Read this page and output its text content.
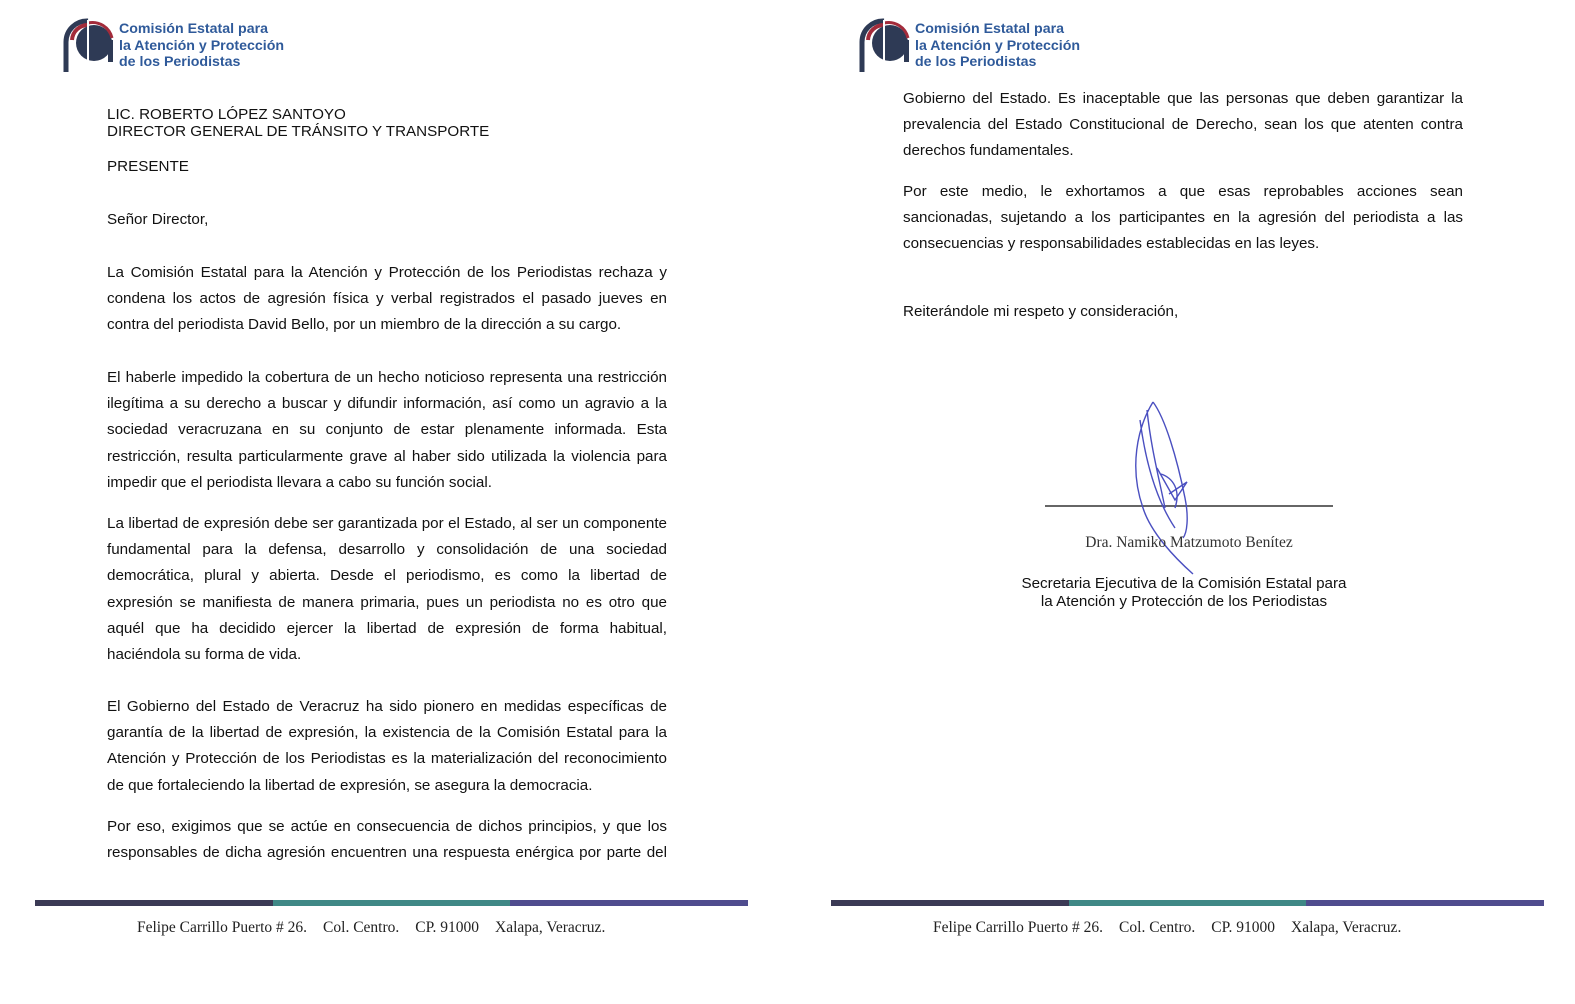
Comisión Estatal para
la Atención y Protección
de los Periodistas
LIC. ROBERTO LÓPEZ SANTOYO
DIRECTOR GENERAL DE TRÁNSITO Y TRANSPORTE
PRESENTE
Señor Director,

La Comisión Estatal para la Atención y Protección de los Periodistas rechaza y condena los actos de agresión física y verbal registrados el pasado jueves en contra del periodista David Bello, por un miembro de la dirección a su cargo.

El haberle impedido la cobertura de un hecho noticioso representa una restricción ilegítima a su derecho a buscar y difundir información, así como un agravio a la sociedad veracruzana en su conjunto de estar plenamente informada. Esta restricción, resulta particularmente grave al haber sido utilizada la violencia para impedir que el periodista llevara a cabo su función social.

La libertad de expresión debe ser garantizada por el Estado, al ser un componente fundamental para la defensa, desarrollo y consolidación de una sociedad democrática, plural y abierta. Desde el periodismo, es como la libertad de expresión se manifiesta de manera primaria, pues un periodista no es otro que aquél que ha decidido ejercer la libertad de expresión de forma habitual, haciéndola su forma de vida.

El Gobierno del Estado de Veracruz ha sido pionero en medidas específicas de garantía de la libertad de expresión, la existencia de la Comisión Estatal para la Atención y Protección de los Periodistas es la materialización del reconocimiento de que fortaleciendo la libertad de expresión, se asegura la democracia.

Por eso, exigimos que se actúe en consecuencia de dichos principios, y que los responsables de dicha agresión encuentren una respuesta enérgica por parte del

Felipe Carrillo Puerto # 26. Col. Centro. CP. 91000 Xalapa, Veracruz.
Comisión Estatal para
la Atención y Protección
de los Periodistas

Gobierno del Estado. Es inaceptable que las personas que deben garantizar la prevalencia del Estado Constitucional de Derecho, sean los que atenten contra derechos fundamentales.

Por este medio, le exhortamos a que esas reprobables acciones sean sancionadas, sujetando a los participantes en la agresión del periodista a las consecuencias y responsabilidades establecidas en las leyes.

Reiterándole mi respeto y consideración,
Dra. Namiko Matzumoto Benítez
Secretaria Ejecutiva de la Comisión Estatal para
la Atención y Protección de los Periodistas
Felipe Carrillo Puerto # 26. Col. Centro. CP. 91000 Xalapa, Veracruz.
